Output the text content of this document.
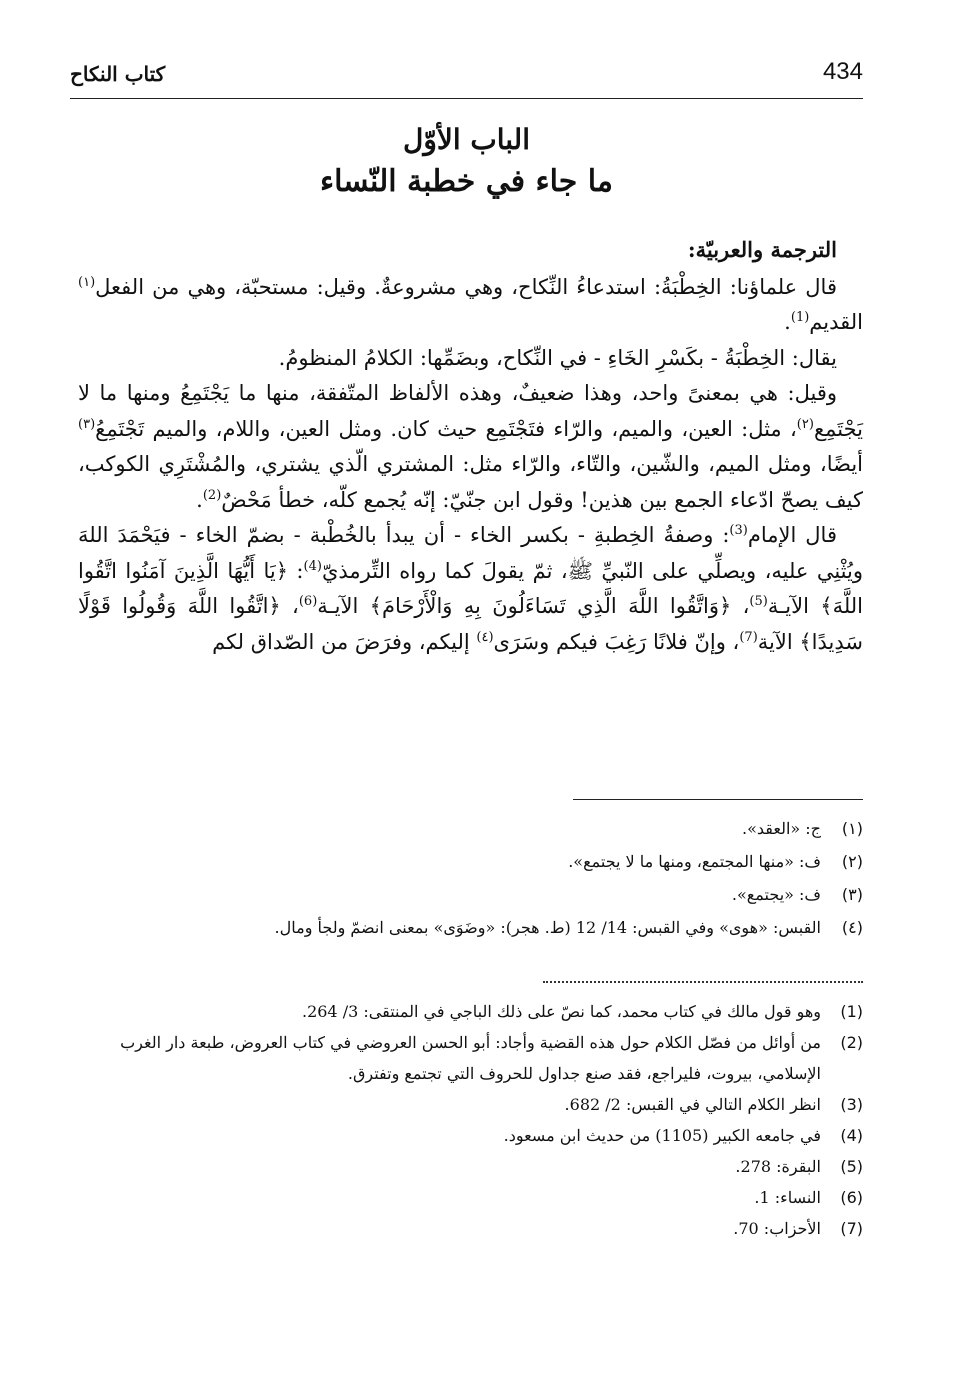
434
كتاب النكاح
الباب الأوّل
ما جاء في خطبة النّساء

الترجمة والعربيّة:

قال علماؤنا: الخِطْبَةُ: استدعاءُ النِّكاح، وهي مشروعةٌ. وقيل: مستحبّة، وهي من الفعل$^{(١)}$ القديم$^{(1)}$.

يقال: الخِطْبَةُ - بكَسْرِ الخَاءِ - في النِّكاح، وبضَمِّها: الكلامُ المنظومُ.

وقيل: هي بمعنىً واحد، وهذا ضعيفٌ، وهذه الألفاظ المتّفقة، منها ما يَجْتَمِعُ ومنها ما لا يَجْتَمِع$^{(٢)}$، مثل: العين، والميم، والرّاء فتَجْتَمِع حيث كان. ومثل العين، واللام، والميم تَجْتَمِعُ$^{(٣)}$ أيضًا، ومثل الميم، والشّين، والتّاء، والرّاء مثل: المشتري الّذي يشتري، والمُشْتَرِي الكوكب، كيف يصحّ ادّعاء الجمع بين هذين! وقول ابن جنّيّ: إنّه يُجمع كلّه، خطأ مَحْضٌ$^{(2)}$.

قال الإمام$^{(3)}$: وصفةُ الخِطبةِ - بكسر الخاء - أن يبدأ بالخُطْبة - بضمّ الخاء - فيَحْمَدَ اللهَ ويُثْنِي عليه، ويصلِّي على النّبيِّ ﷺ، ثمّ يقولَ كما رواه التِّرمذيّ$^{(4)}$: ﴿يَا أَيُّهَا الَّذِينَ آمَنُوا اتَّقُوا اللَّهَ﴾ الآيـة$^{(5)}$، ﴿وَاتَّقُوا اللَّهَ الَّذِي تَسَاءَلُونَ بِهِ وَالْأَرْحَامَ﴾ الآيـة$^{(6)}$، ﴿اتَّقُوا اللَّهَ وَقُولُوا قَوْلًا سَدِيدًا﴾ الآية$^{(7)}$، وإنّ فلانًا رَغِبَ فيكم وسَرَى$^{(٤)}$ إليكم، وفرَضَ من الصّداق لكم

(١)
ج: «العقد».
(٢)
ف: «منها المجتمع، ومنها ما لا يجتمع».
(٣)
ف: «يجتمع».
(٤)
القبس: «هوى» وفي القبس: 14/ 12 (ط. هجر): «وضَوَى» بمعنى انضمّ ولجأ ومال.
(1)
وهو قول مالك في كتاب محمد، كما نصّ على ذلك الباجي في المنتقى: 3/ 264.
(2)
من أوائل من فصّل الكلام حول هذه القضية وأجاد: أبو الحسن العروضي في كتاب العروض، طبعة دار الغرب الإسلامي، بيروت، فليراجع، فقد صنع جداول للحروف التي تجتمع وتفترق.
(3)
انظر الكلام التالي في القبس: 2/ 682.
(4)
في جامعه الكبير (1105) من حديث ابن مسعود.
(5)
البقرة: 278.
(6)
النساء: 1.
(7)
الأحزاب: 70.
